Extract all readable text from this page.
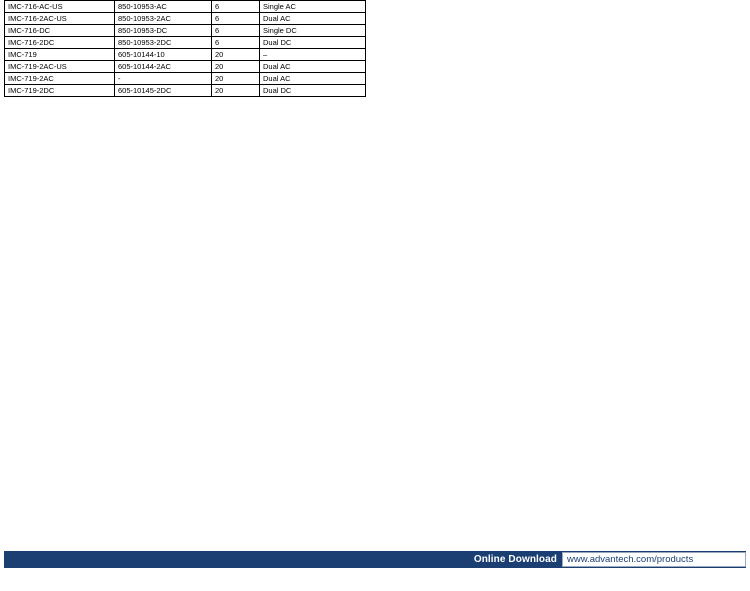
IMC-716-AC-US	850-10953-AC	6	Single AC
IMC-716-2AC-US	850-10953-2AC	6	Dual AC
IMC-716-DC	850-10953-DC	6	Single DC
IMC-716-2DC	850-10953-2DC	6	Dual DC
IMC-719	605-10144-10	20	–
IMC-719-2AC-US	605-10144-2AC	20	Dual AC
IMC-719-2AC	-	20	Dual AC
IMC-719-2DC	605-10145-2DC	20	Dual DC
Online Download	www.advantech.com/products
